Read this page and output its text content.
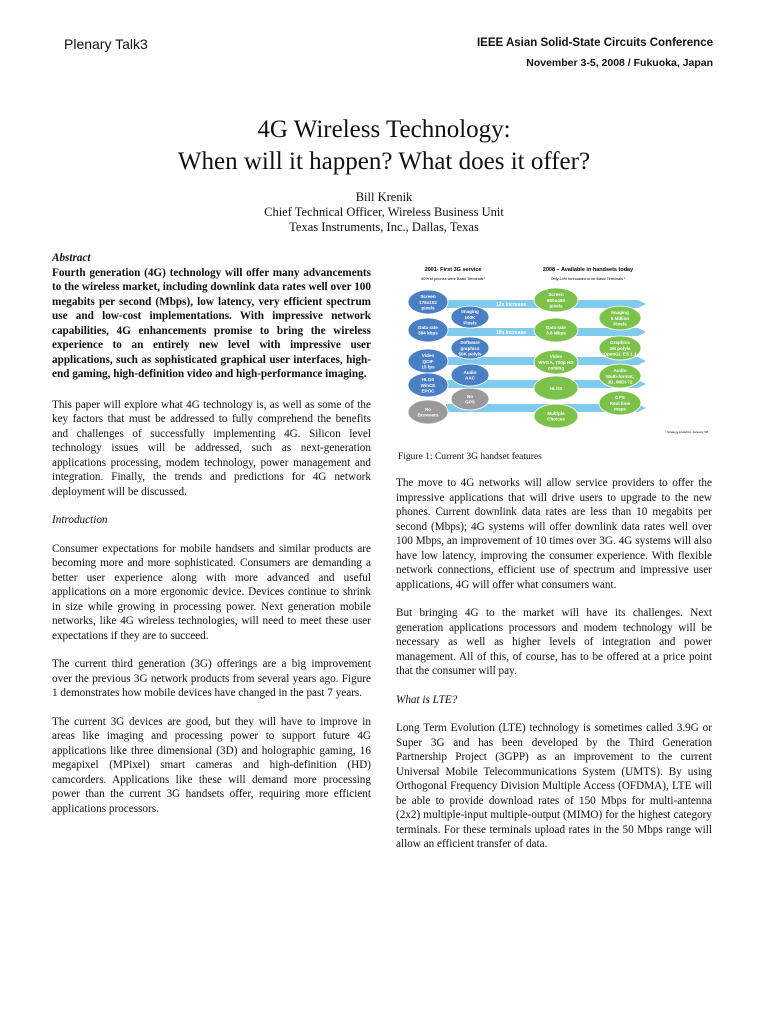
Plenary Talk3	IEEE Asian Solid-State Circuits Conference
November 3-5, 2008 / Fukuoka, Japan
4G Wireless Technology:
When will it happen? What does it offer?
Bill Krenik
Chief Technical Officer, Wireless Business Unit
Texas Instruments, Inc., Dallas, Texas
Abstract

Fourth generation (4G) technology will offer many advancements to the wireless market, including downlink data rates well over 100 megabits per second (Mbps), low latency, very efficient spectrum use and low-cost implementations. With impressive network capabilities, 4G enhancements promise to bring the wireless experience to an entirely new level with impressive user applications, such as sophisticated graphical user interfaces, high-end gaming, high-definition video and high-performance imaging.

This paper will explore what 4G technology is, as well as some of the key factors that must be addressed to fully comprehend the benefits and challenges of successfully implementing 4G. Silicon level technology issues will be addressed, such as next-generation applications processing, modem technology, power management and integration. Finally, the trends and predictions for 4G network deployment will be discussed.

Introduction

Consumer expectations for mobile handsets and similar products are becoming more and more sophisticated. Consumers are demanding a better user experience along with more advanced and useful applications on a more ergonomic device. Devices continue to shrink in size while growing in processing power. Next generation mobile networks, like 4G wireless technologies, will need to meet these user expectations if they are to succeed.

The current third generation (3G) offerings are a big improvement over the previous 3G network products from several years ago. Figure 1 demonstrates how mobile devices have changed in the past 7 years.

The current 3G devices are good, but they will have to improve in areas like imaging and processing power to support future 4G applications like three dimensional (3D) and holographic gaming, 16 megapixel (MPixel) smart cameras and high-definition (HD) camcorders. Applications like these will demand more processing power than the current 3G handsets offer, requiring more efficient applications processors.

2001- First 3G service
80% of phones were Basic Terminals¹
2008 – Available in handsets today
Only 14% forecasted to be Basic Terminals ¹
12x Increase
10x Increase
40x Increase
Screen
176x102
pixels
Data rate
384 kbps
Video
QCIF
15 fps
HLOS
WinCE
EPOC
No
Browsers
Imaging
100K
Pixels
Software
graphics
50K polyls
Audio
AAC
No
GPS
Screen
800x480
pixels
Data rate
3.6 Mbps
Video
WVGA, 720p HD
coming
HLOS
Multiple
Choices
Imaging
5 Million
Pixels
Graphics
2M polyls
OpenGL ES 1.1
Audio
Multi-format,
3D, MIDI-72
GPS
Real time
maps
¹ Strategy Analytics, January '08
Figure 1: Current 3G handset features

The move to 4G networks will allow service providers to offer the impressive applications that will drive users to upgrade to the new phones. Current downlink data rates are less than 10 megabits per second (Mbps); 4G systems will offer downlink data rates well over 100 Mbps, an improvement of 10 times over 3G. 4G systems will also have low latency, improving the consumer experience. With flexible network connections, efficient use of spectrum and impressive user applications, 4G will offer what consumers want.

But bringing 4G to the market will have its challenges. Next generation applications processors and modem technology will be necessary as well as higher levels of integration and power management. All of this, of course, has to be offered at a price point that the consumer will pay.

What is LTE?

Long Term Evolution (LTE) technology is sometimes called 3.9G or Super 3G and has been developed by the Third Generation Partnership Project (3GPP) as an improvement to the current Universal Mobile Telecommunications System (UMTS). By using Orthogonal Frequency Division Multiple Access (OFDMA), LTE will be able to provide download rates of 150 Mbps for multi-antenna (2x2) multiple-input multiple-output (MIMO) for the highest category terminals. For these terminals upload rates in the 50 Mbps range will allow an efficient transfer of data.
